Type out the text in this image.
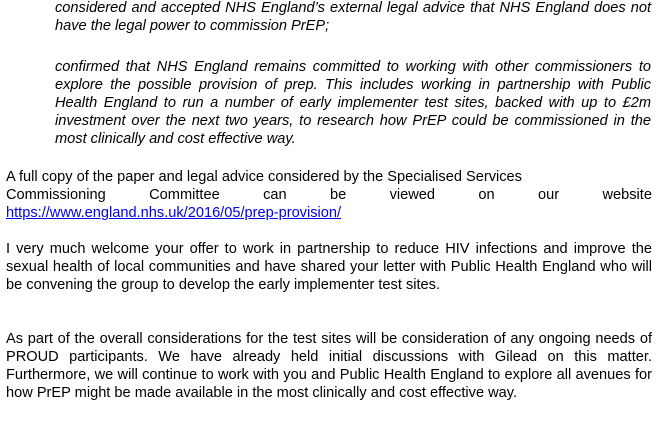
considered and accepted NHS England’s external legal advice that NHS England does not have the legal power to commission PrEP;

confirmed that NHS England remains committed to working with other commissioners to explore the possible provision of prep. This includes working in partnership with Public Health England to run a number of early implementer test sites, backed with up to £2m investment over the next two years, to research how PrEP could be commissioned in the most clinically and cost effective way.

A full copy of the paper and legal advice considered by the Specialised Services
Commissioning	Committee	can	be	viewed	on	our	website
https://www.england.nhs.uk/2016/05/prep-provision/

I very much welcome your offer to work in partnership to reduce HIV infections and improve the sexual health of local communities and have shared your letter with Public Health England who will be convening the group to develop the early implementer test sites.

As part of the overall considerations for the test sites will be consideration of any ongoing needs of PROUD participants. We have already held initial discussions with Gilead on this matter. Furthermore, we will continue to work with you and Public Health England to explore all avenues for how PrEP might be made available in the most clinically and cost effective way.
